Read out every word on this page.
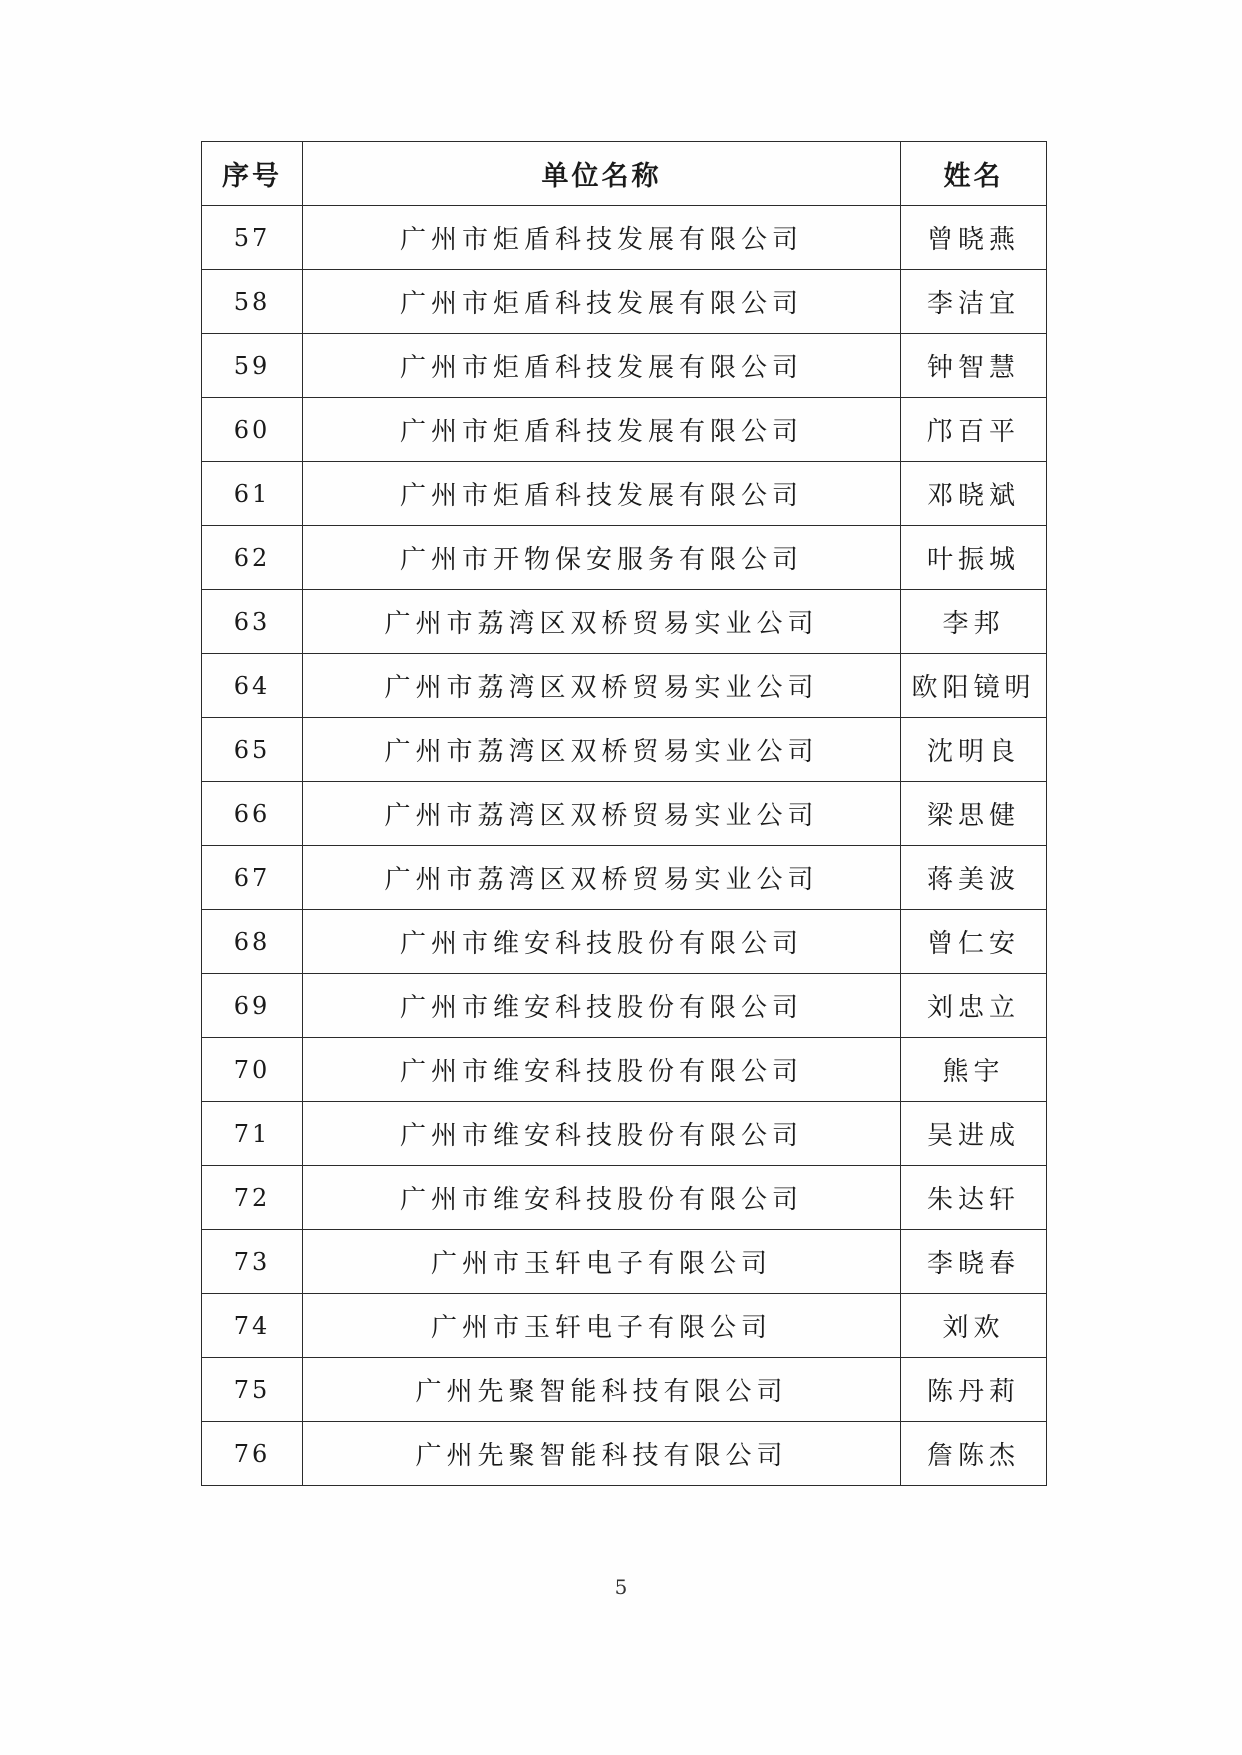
序号	单位名称	姓名
57	广州市炬盾科技发展有限公司	曾晓燕
58	广州市炬盾科技发展有限公司	李洁宜
59	广州市炬盾科技发展有限公司	钟智慧
60	广州市炬盾科技发展有限公司	邝百平
61	广州市炬盾科技发展有限公司	邓晓斌
62	广州市开物保安服务有限公司	叶振城
63	广州市荔湾区双桥贸易实业公司	李邦
64	广州市荔湾区双桥贸易实业公司	欧阳镜明
65	广州市荔湾区双桥贸易实业公司	沈明良
66	广州市荔湾区双桥贸易实业公司	梁思健
67	广州市荔湾区双桥贸易实业公司	蒋美波
68	广州市维安科技股份有限公司	曾仁安
69	广州市维安科技股份有限公司	刘忠立
70	广州市维安科技股份有限公司	熊宇
71	广州市维安科技股份有限公司	吴进成
72	广州市维安科技股份有限公司	朱达轩
73	广州市玉轩电子有限公司	李晓春
74	广州市玉轩电子有限公司	刘欢
75	广州先聚智能科技有限公司	陈丹莉
76	广州先聚智能科技有限公司	詹陈杰
5
